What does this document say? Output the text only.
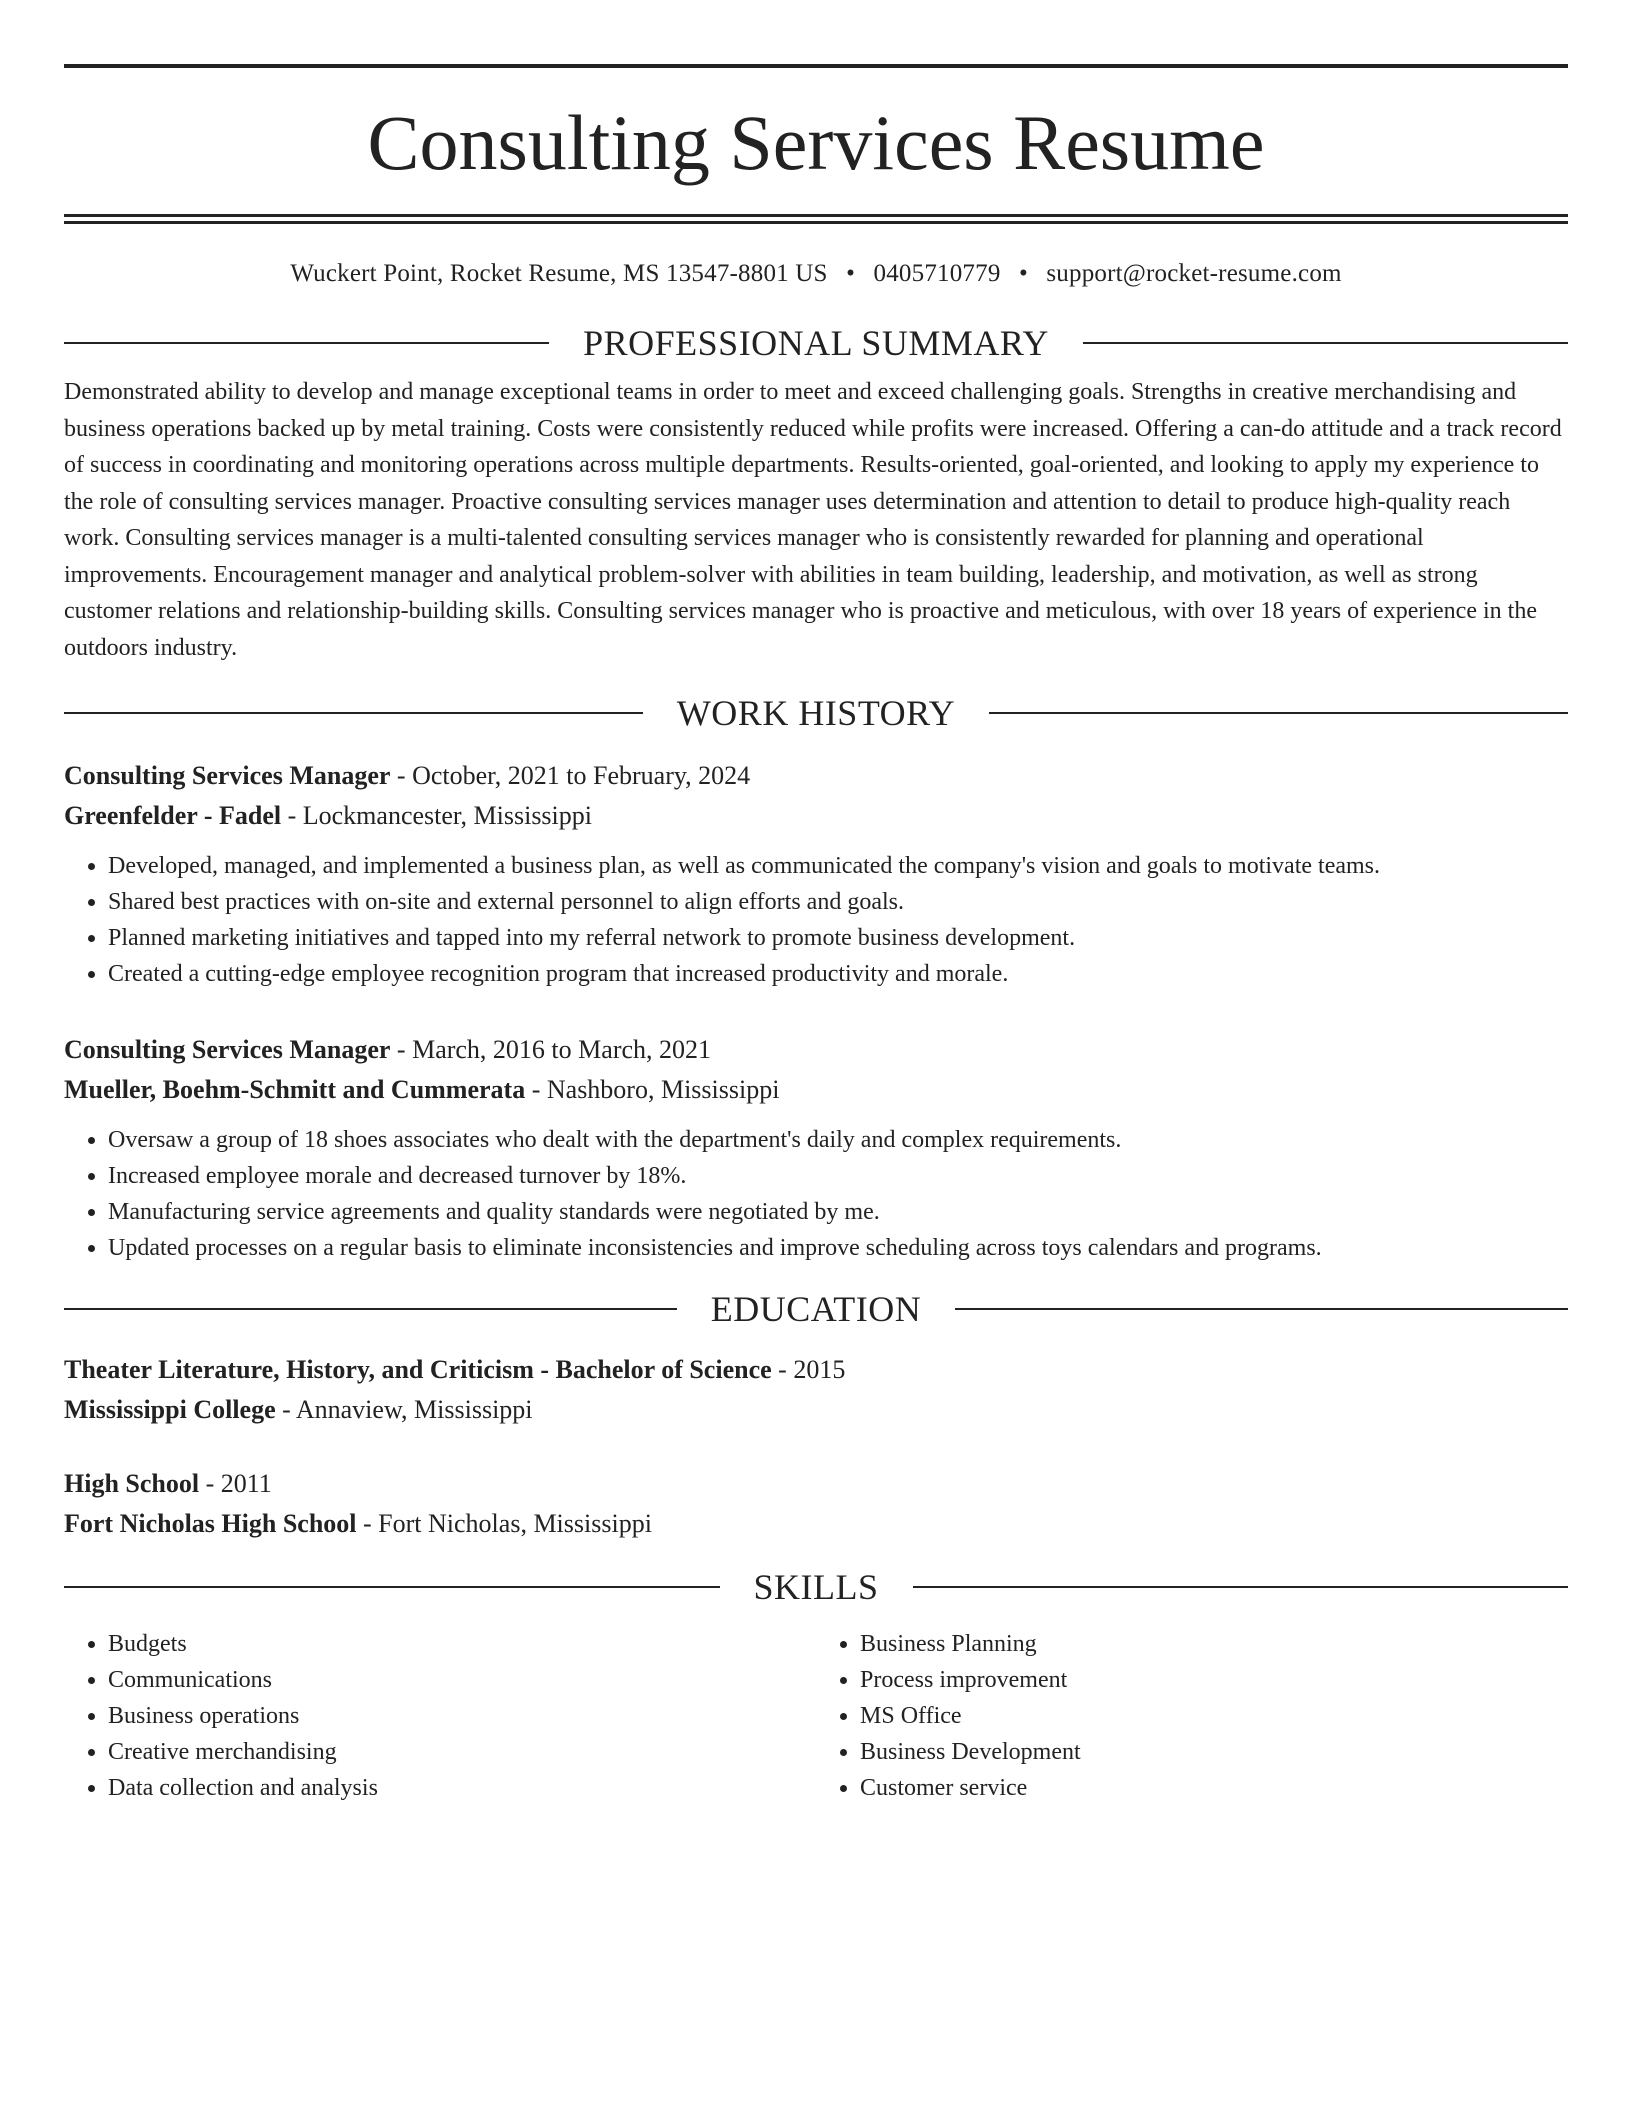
Consulting Services Resume
Wuckert Point, Rocket Resume, MS 13547-8801 US • 0405710779 • support@rocket-resume.com
PROFESSIONAL SUMMARY
Demonstrated ability to develop and manage exceptional teams in order to meet and exceed challenging goals. Strengths in creative merchandising and business operations backed up by metal training. Costs were consistently reduced while profits were increased. Offering a can-do attitude and a track record of success in coordinating and monitoring operations across multiple departments. Results-oriented, goal-oriented, and looking to apply my experience to the role of consulting services manager. Proactive consulting services manager uses determination and attention to detail to produce high-quality reach work. Consulting services manager is a multi-talented consulting services manager who is consistently rewarded for planning and operational improvements. Encouragement manager and analytical problem-solver with abilities in team building, leadership, and motivation, as well as strong customer relations and relationship-building skills. Consulting services manager who is proactive and meticulous, with over 18 years of experience in the outdoors industry.
WORK HISTORY
Consulting Services Manager - October, 2021 to February, 2024
Greenfelder - Fadel - Lockmancester, Mississippi
• Developed, managed, and implemented a business plan, as well as communicated the company's vision and goals to motivate teams.
• Shared best practices with on-site and external personnel to align efforts and goals.
• Planned marketing initiatives and tapped into my referral network to promote business development.
• Created a cutting-edge employee recognition program that increased productivity and morale.
Consulting Services Manager - March, 2016 to March, 2021
Mueller, Boehm-Schmitt and Cummerata - Nashboro, Mississippi
• Oversaw a group of 18 shoes associates who dealt with the department's daily and complex requirements.
• Increased employee morale and decreased turnover by 18%.
• Manufacturing service agreements and quality standards were negotiated by me.
• Updated processes on a regular basis to eliminate inconsistencies and improve scheduling across toys calendars and programs.
EDUCATION
Theater Literature, History, and Criticism - Bachelor of Science - 2015
Mississippi College - Annaview, Mississippi
High School - 2011
Fort Nicholas High School - Fort Nicholas, Mississippi
SKILLS
• Budgets
• Communications
• Business operations
• Creative merchandising
• Data collection and analysis
• Business Planning
• Process improvement
• MS Office
• Business Development
• Customer service
